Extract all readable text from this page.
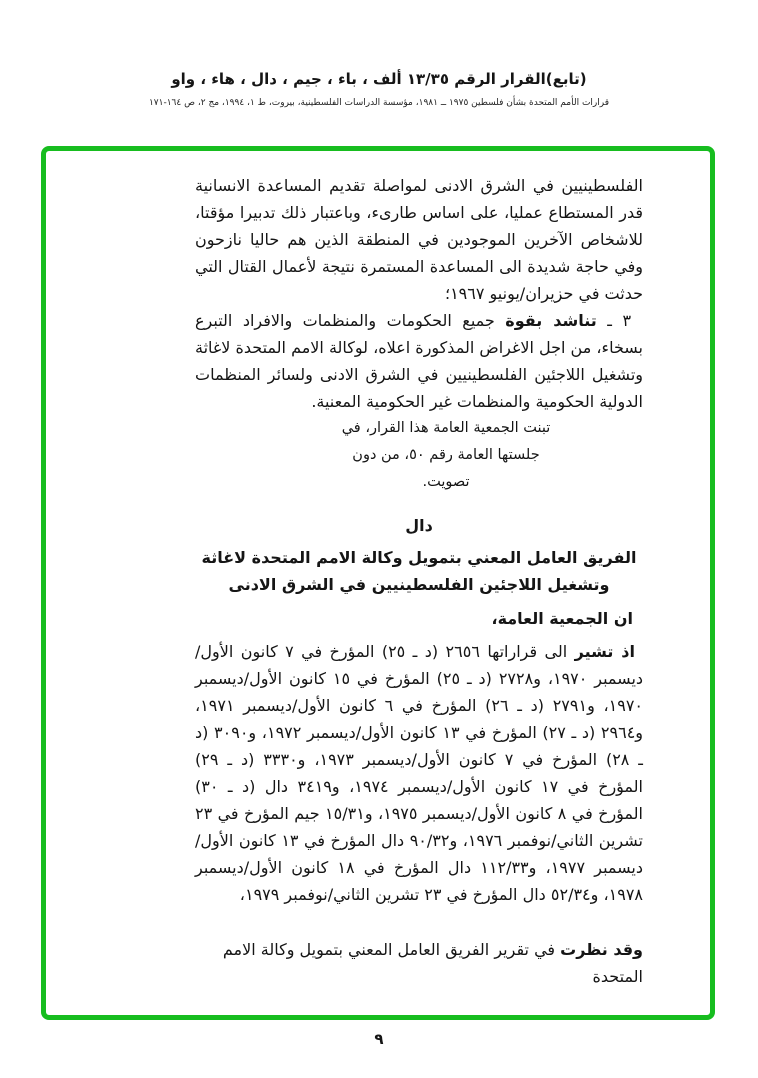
(تابع)القرار الرقم ١٣/٣٥ ألف ، باء ، جيم ، دال ، هاء ، واو
قرارات الأمم المتحدة بشأن فلسطين ١٩٧٥ ــ ١٩٨١، مؤسسة الدراسات الفلسطينية، بيروت، ط ١، ١٩٩٤، مج ٢، ص ‎١٦٤-١٧١‎

الفلسطينيين في الشرق الادنى لمواصلة تقديم المساعدة الانسانية قدر المستطاع عمليا، على اساس طارىء، وباعتبار ذلك تدبيرا مؤقتا، للاشخاص الآخرين الموجودين في المنطقة الذين هم حاليا نازحون وفي حاجة شديدة الى المساعدة المستمرة نتيجة لأعمال القتال التي حدثت في حزيران/يونيو ١٩٦٧؛

٣ ـ تناشد بقوة جميع الحكومات والمنظمات والافراد التبرع بسخاء، من اجل الاغراض المذكورة اعلاه، لوكالة الامم المتحدة لاغاثة وتشغيل اللاجئين الفلسطينيين في الشرق الادنى ولسائر المنظمات الدولية الحكومية والمنظمات غير الحكومية المعنية.

تبنت الجمعية العامة هذا القرار، في
جلستها العامة رقم ٥٠، من دون
تصويت.

دال

الفريق العامل المعني بتمويل وكالة الامم المتحدة لاغاثة
وتشغيل اللاجئين الفلسطينيين في الشرق الادنى

ان الجمعية العامة،

اذ تشير الى قراراتها ٢٦٥٦ (د ـ ٢٥) المؤرخ في ٧ كانون الأول/ديسمبر ١٩٧٠، و٢٧٢٨ (د ـ ٢٥) المؤرخ في ١٥ كانون الأول/ديسمبر ١٩٧٠، و٢٧٩١ (د ـ ٢٦) المؤرخ في ٦ كانون الأول/ديسمبر ١٩٧١، و٢٩٦٤ (د ـ ٢٧) المؤرخ في ١٣ كانون الأول/ديسمبر ١٩٧٢، و٣٠٩٠ (د ـ ٢٨) المؤرخ في ٧ كانون الأول/ديسمبر ١٩٧٣، و٣٣٣٠ (د ـ ٢٩) المؤرخ في ١٧ كانون الأول/ديسمبر ١٩٧٤، و٣٤١٩ دال (د ـ ٣٠) المؤرخ في ٨ كانون الأول/ديسمبر ١٩٧٥، و١٥/٣١ جيم المؤرخ في ٢٣ تشرين الثاني/نوفمبر ١٩٧٦، و٩٠/٣٢ دال المؤرخ في ١٣ كانون الأول/ديسمبر ١٩٧٧، و١١٢/٣٣ دال المؤرخ في ١٨ كانون الأول/ديسمبر ١٩٧٨، و٥٢/٣٤ دال المؤرخ في ٢٣ تشرين الثاني/نوفمبر ١٩٧٩،

وقد نظرت في تقرير الفريق العامل المعني بتمويل وكالة الامم المتحدة

٩
